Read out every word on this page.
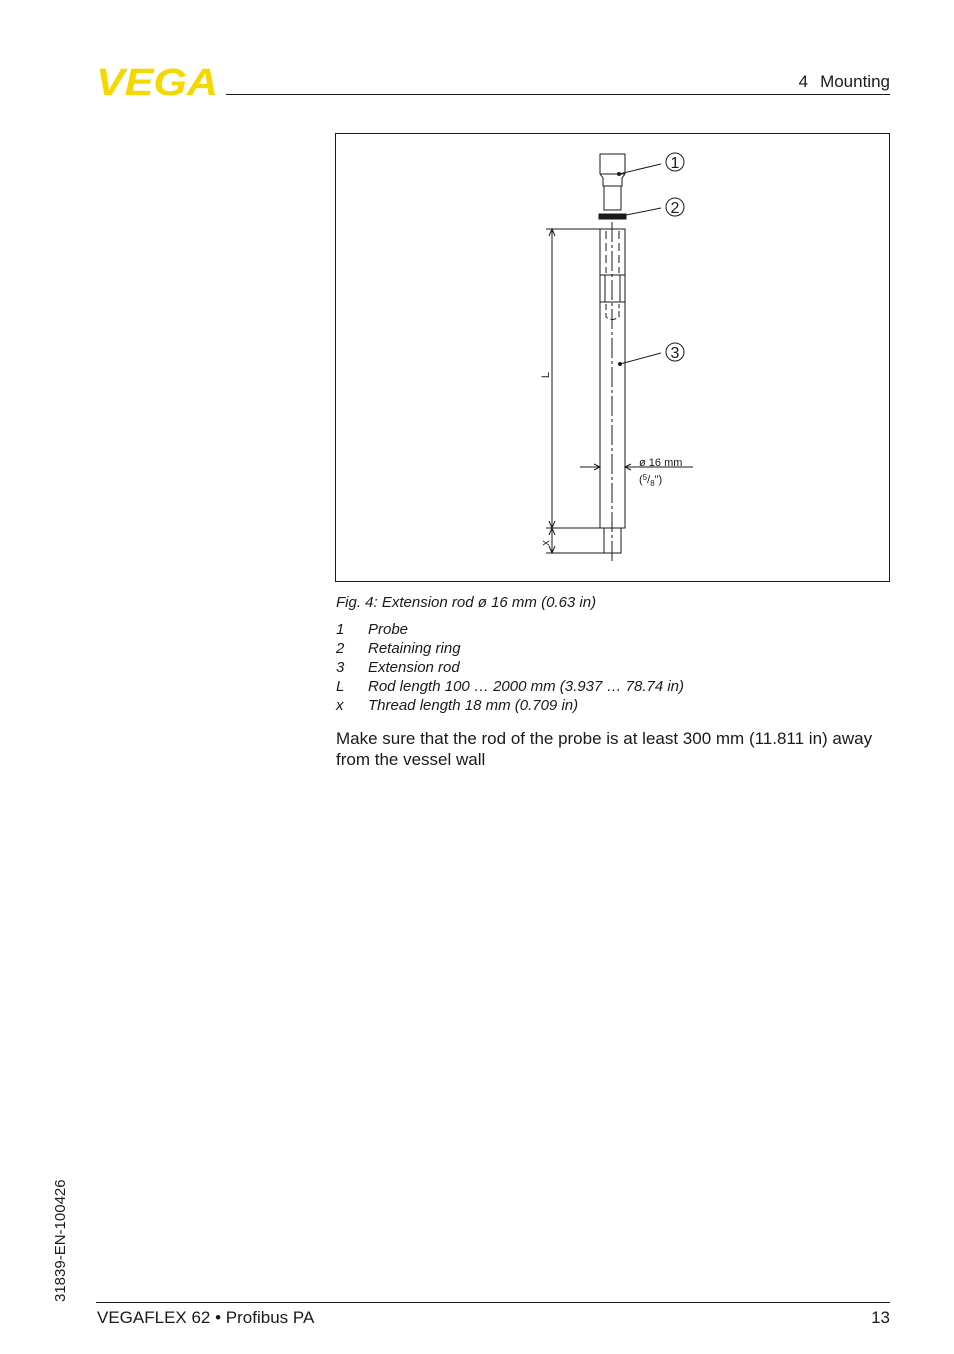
VEGA	4 Mounting
1
2
3
ø 16 mm
$(^5/_8")$
L
x
Fig. 4: Extension rod ø 16 mm (0.63 in)
1	Probe
2	Retaining ring
3	Extension rod
L	Rod length 100 … 2000 mm (3.937 … 78.74 in)
x	Thread length 18 mm (0.709 in)

Make sure that the rod of the probe is at least 300 mm (11.811 in) away from the vessel wall

31839-EN-100426
VEGAFLEX 62 • Profibus PA	13
